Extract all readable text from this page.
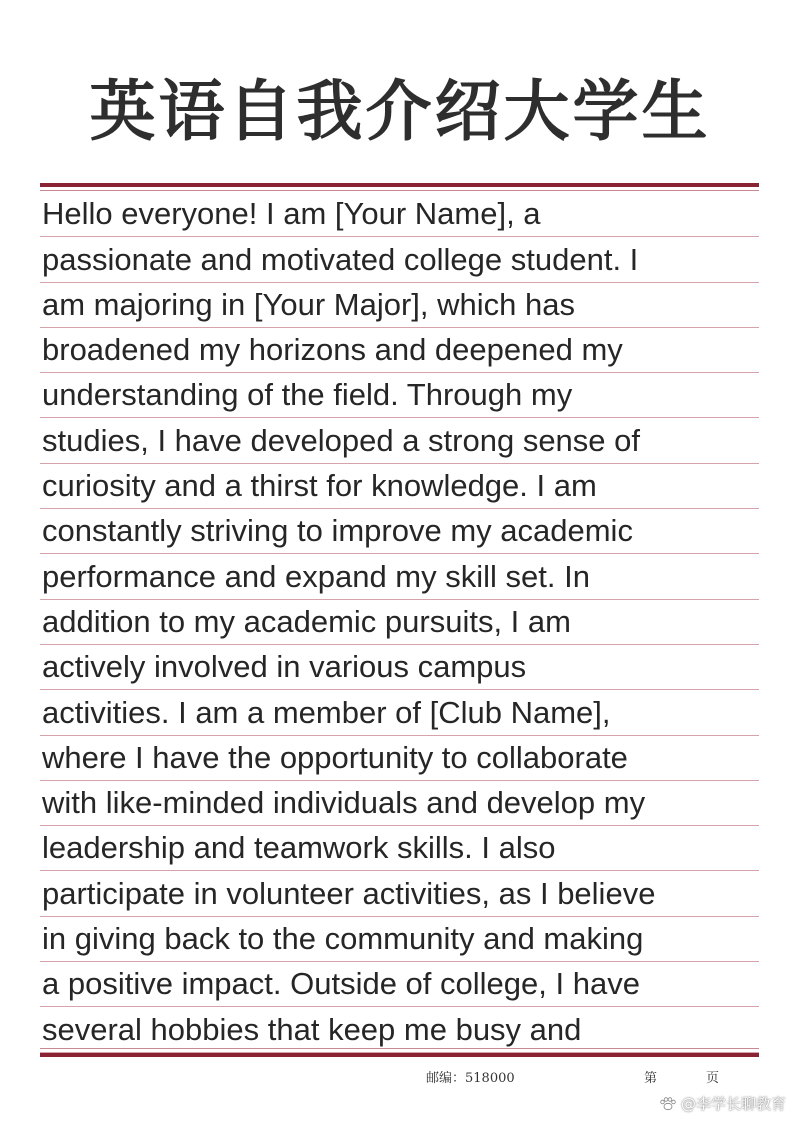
英语自我介绍大学生
Hello everyone! I am [Your Name], a
passionate and motivated college student. I
am majoring in [Your Major], which has
broadened my horizons and deepened my
understanding of the field. Through my
studies, I have developed a strong sense of
curiosity and a thirst for knowledge. I am
constantly striving to improve my academic
performance and expand my skill set. In
addition to my academic pursuits, I am
actively involved in various campus
activities. I am a member of [Club Name],
where I have the opportunity to collaborate
with like-minded individuals and develop my
leadership and teamwork skills. I also
participate in volunteer activities, as I believe
in giving back to the community and making
a positive impact. Outside of college, I have
several hobbies that keep me busy and
邮编：518000	第	页
@李学长聊教育
